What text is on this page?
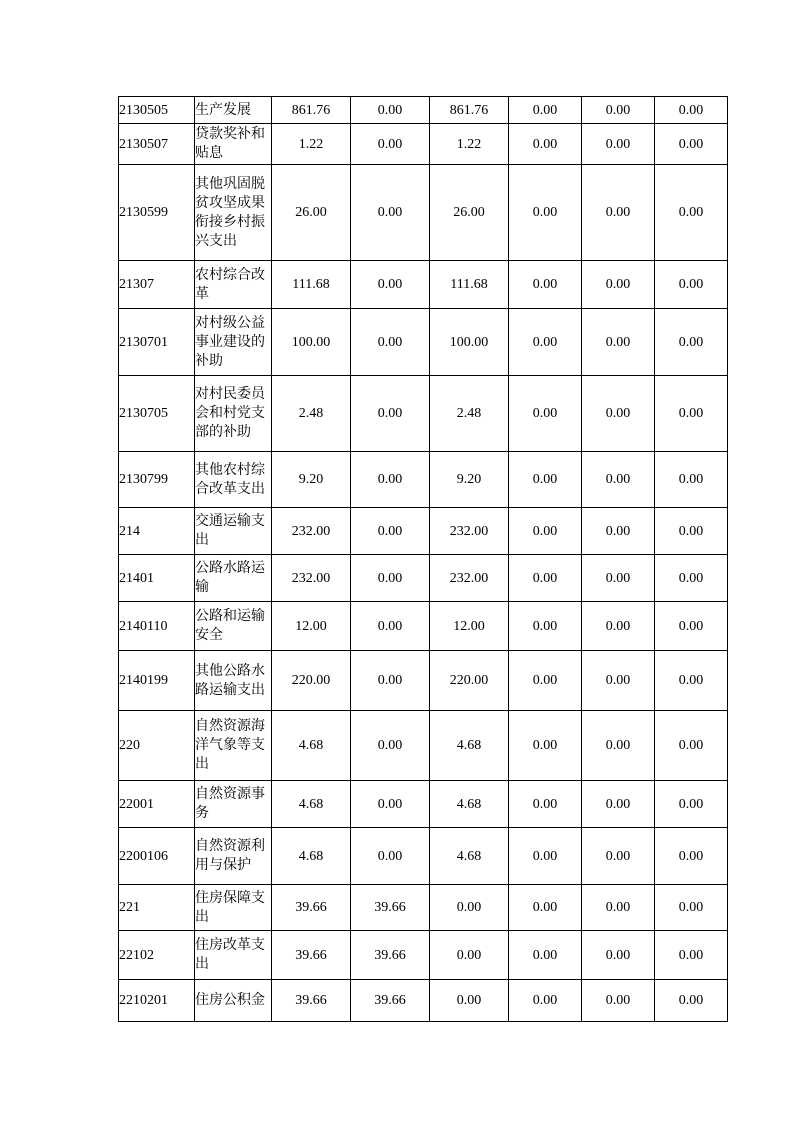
2130505	生产发展	861.76	0.00	861.76	0.00	0.00	0.00
2130507	贷款奖补和贴息	1.22	0.00	1.22	0.00	0.00	0.00
2130599	其他巩固脱贫攻坚成果衔接乡村振兴支出	26.00	0.00	26.00	0.00	0.00	0.00
21307	农村综合改革	111.68	0.00	111.68	0.00	0.00	0.00
2130701	对村级公益事业建设的补助	100.00	0.00	100.00	0.00	0.00	0.00
2130705	对村民委员会和村党支部的补助	2.48	0.00	2.48	0.00	0.00	0.00
2130799	其他农村综合改革支出	9.20	0.00	9.20	0.00	0.00	0.00
214	交通运输支出	232.00	0.00	232.00	0.00	0.00	0.00
21401	公路水路运输	232.00	0.00	232.00	0.00	0.00	0.00
2140110	公路和运输安全	12.00	0.00	12.00	0.00	0.00	0.00
2140199	其他公路水路运输支出	220.00	0.00	220.00	0.00	0.00	0.00
220	自然资源海洋气象等支出	4.68	0.00	4.68	0.00	0.00	0.00
22001	自然资源事务	4.68	0.00	4.68	0.00	0.00	0.00
2200106	自然资源利用与保护	4.68	0.00	4.68	0.00	0.00	0.00
221	住房保障支出	39.66	39.66	0.00	0.00	0.00	0.00
22102	住房改革支出	39.66	39.66	0.00	0.00	0.00	0.00
2210201	住房公积金	39.66	39.66	0.00	0.00	0.00	0.00
